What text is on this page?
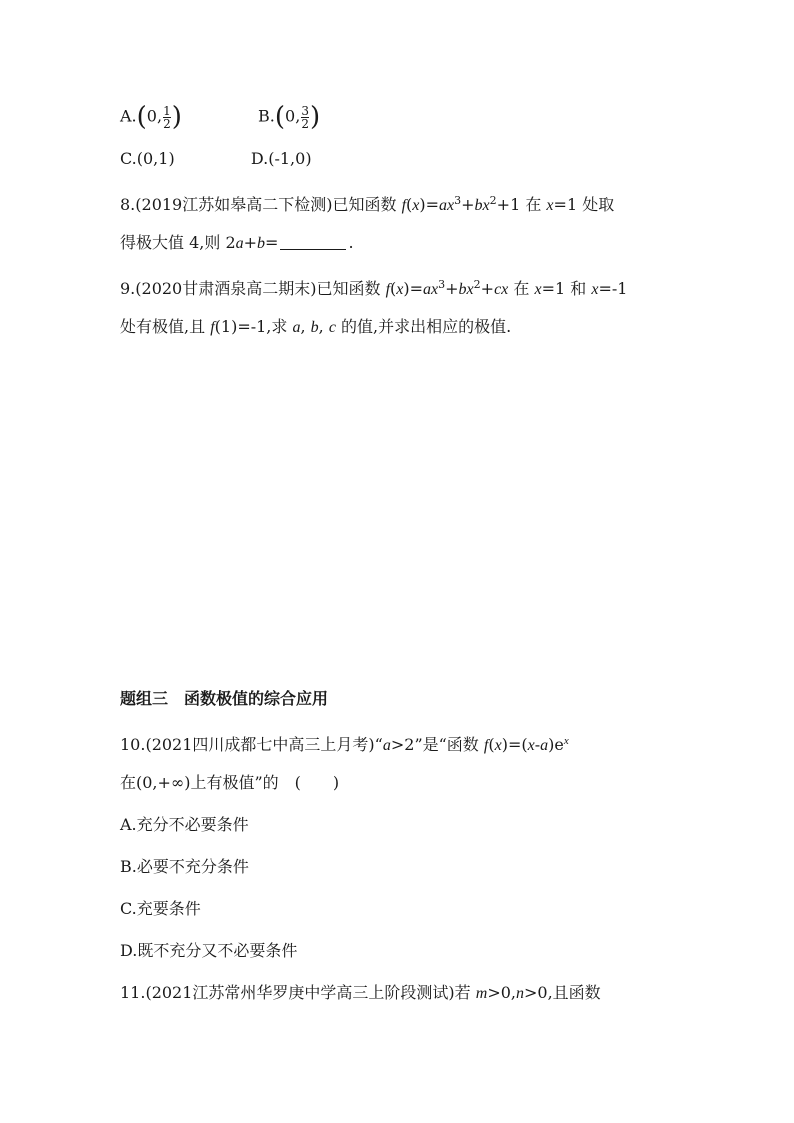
A.(0, $\frac{1}{2}$ )	B.(0, $\frac{3}{2}$ )
C.(0,1)	D.(-1,0)
8.(2019江苏如皋高二下检测)已知函数 $f(x)=ax^3+bx^2+1$ 在 x=1 处取
得极大值 4,则 2a+b=	.
9.(2020甘肃酒泉高二期末)已知函数 $f(x)=ax^3+bx^2+cx$ 在 x=1 和 x=-1
处有极值,且 f(1)=-1,求 a, b, c 的值,并求出相应的极值.
题组三　函数极值的综合应用
10.(2021四川成都七中高三上月考)“a>2”是“函数 $f(x)=(x-a)e^x$
在(0,+∞)上有极值”的　(　　)
A.充分不必要条件
B.必要不充分条件
C.充要条件
D.既不充分又不必要条件
11.(2021江苏常州华罗庚中学高三上阶段测试)若 m>0,n>0,且函数
